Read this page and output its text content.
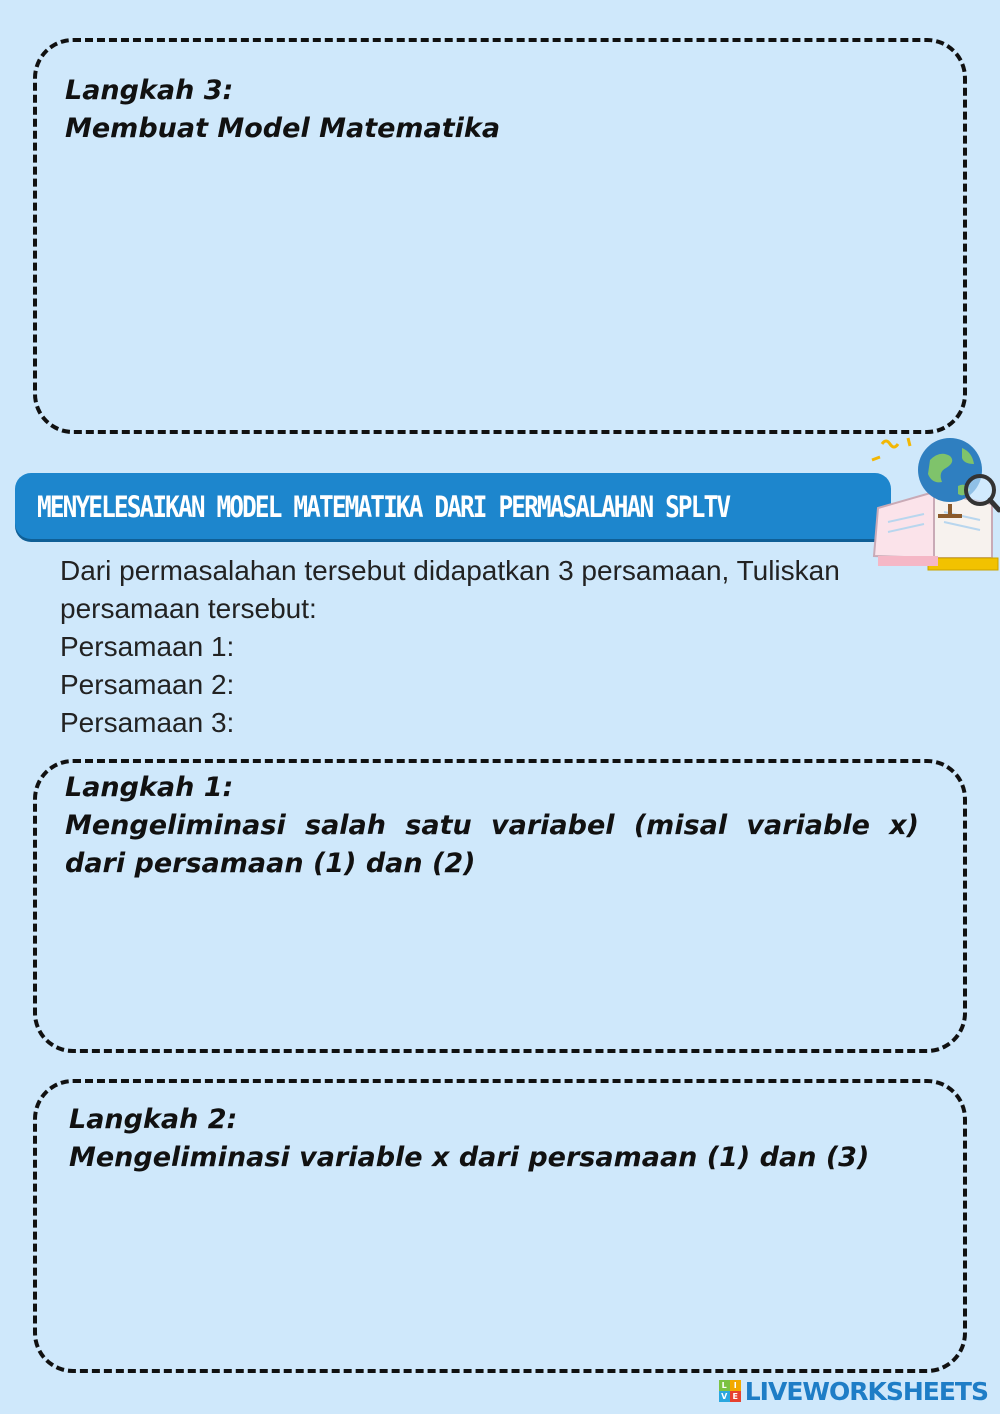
Langkah 3:
Membuat Model Matematika
MENYELESAIKAN MODEL MATEMATIKA DARI PERMASALAHAN SPLTV

Dari permasalahan tersebut didapatkan 3 persamaan, Tuliskan persamaan tersebut:

Persamaan 1:

Persamaan 2:

Persamaan 3:

Langkah 1:
Mengeliminasi salah satu variabel (misal variable x) dari persamaan (1) dan (2)
Langkah 2:
Mengeliminasi variable x dari persamaan (1) dan (3)
L I
V E LIVEWORKSHEETS
